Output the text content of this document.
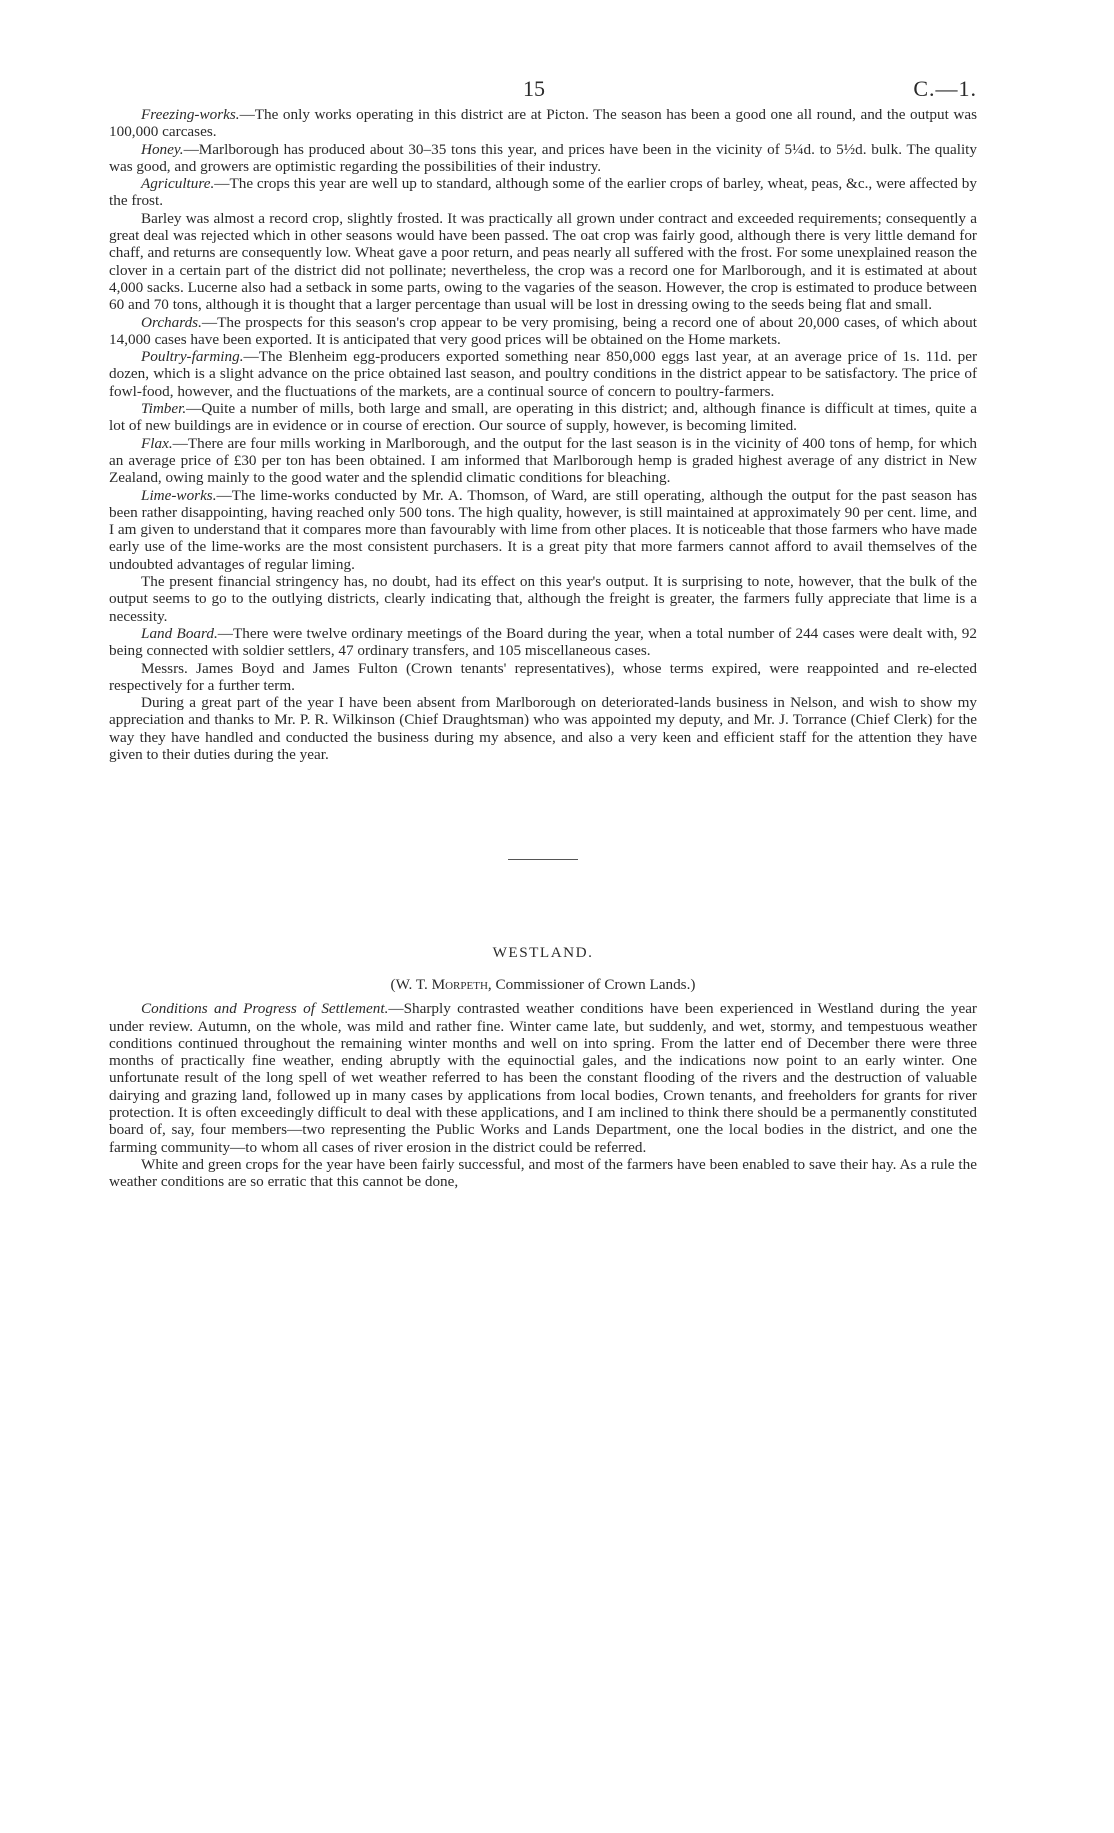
15	C.—1.

Freezing-works.—The only works operating in this district are at Picton. The season has been a good one all round, and the output was 100,000 carcases.

Honey.—Marlborough has produced about 30–35 tons this year, and prices have been in the vicinity of 5¼d. to 5½d. bulk. The quality was good, and growers are optimistic regarding the possibilities of their industry.

Agriculture.—The crops this year are well up to standard, although some of the earlier crops of barley, wheat, peas, &c., were affected by the frost.

Barley was almost a record crop, slightly frosted. It was practically all grown under contract and exceeded requirements; consequently a great deal was rejected which in other seasons would have been passed. The oat crop was fairly good, although there is very little demand for chaff, and returns are consequently low. Wheat gave a poor return, and peas nearly all suffered with the frost. For some unexplained reason the clover in a certain part of the district did not pollinate; nevertheless, the crop was a record one for Marlborough, and it is estimated at about 4,000 sacks. Lucerne also had a setback in some parts, owing to the vagaries of the season. However, the crop is estimated to produce between 60 and 70 tons, although it is thought that a larger percentage than usual will be lost in dressing owing to the seeds being flat and small.

Orchards.—The prospects for this season's crop appear to be very promising, being a record one of about 20,000 cases, of which about 14,000 cases have been exported. It is anticipated that very good prices will be obtained on the Home markets.

Poultry-farming.—The Blenheim egg-producers exported something near 850,000 eggs last year, at an average price of 1s. 11d. per dozen, which is a slight advance on the price obtained last season, and poultry conditions in the district appear to be satisfactory. The price of fowl-food, however, and the fluctuations of the markets, are a continual source of concern to poultry-farmers.

Timber.—Quite a number of mills, both large and small, are operating in this district; and, although finance is difficult at times, quite a lot of new buildings are in evidence or in course of erection. Our source of supply, however, is becoming limited.

Flax.—There are four mills working in Marlborough, and the output for the last season is in the vicinity of 400 tons of hemp, for which an average price of £30 per ton has been obtained. I am informed that Marlborough hemp is graded highest average of any district in New Zealand, owing mainly to the good water and the splendid climatic conditions for bleaching.

Lime-works.—The lime-works conducted by Mr. A. Thomson, of Ward, are still operating, although the output for the past season has been rather disappointing, having reached only 500 tons. The high quality, however, is still maintained at approximately 90 per cent. lime, and I am given to understand that it compares more than favourably with lime from other places. It is noticeable that those farmers who have made early use of the lime-works are the most consistent purchasers. It is a great pity that more farmers cannot afford to avail themselves of the undoubted advantages of regular liming.

The present financial stringency has, no doubt, had its effect on this year's output. It is surprising to note, however, that the bulk of the output seems to go to the outlying districts, clearly indicating that, although the freight is greater, the farmers fully appreciate that lime is a necessity.

Land Board.—There were twelve ordinary meetings of the Board during the year, when a total number of 244 cases were dealt with, 92 being connected with soldier settlers, 47 ordinary transfers, and 105 miscellaneous cases.

Messrs. James Boyd and James Fulton (Crown tenants' representatives), whose terms expired, were reappointed and re-elected respectively for a further term.

During a great part of the year I have been absent from Marlborough on deteriorated-lands business in Nelson, and wish to show my appreciation and thanks to Mr. P. R. Wilkinson (Chief Draughtsman) who was appointed my deputy, and Mr. J. Torrance (Chief Clerk) for the way they have handled and conducted the business during my absence, and also a very keen and efficient staff for the attention they have given to their duties during the year.

WESTLAND.
(W. T. Morpeth, Commissioner of Crown Lands.)

Conditions and Progress of Settlement.—Sharply contrasted weather conditions have been experienced in Westland during the year under review. Autumn, on the whole, was mild and rather fine. Winter came late, but suddenly, and wet, stormy, and tempestuous weather conditions continued throughout the remaining winter months and well on into spring. From the latter end of December there were three months of practically fine weather, ending abruptly with the equinoctial gales, and the indications now point to an early winter. One unfortunate result of the long spell of wet weather referred to has been the constant flooding of the rivers and the destruction of valuable dairying and grazing land, followed up in many cases by applications from local bodies, Crown tenants, and freeholders for grants for river protection. It is often exceedingly difficult to deal with these applications, and I am inclined to think there should be a permanently constituted board of, say, four members—two representing the Public Works and Lands Department, one the local bodies in the district, and one the farming community—to whom all cases of river erosion in the district could be referred.

White and green crops for the year have been fairly successful, and most of the farmers have been enabled to save their hay. As a rule the weather conditions are so erratic that this cannot be done,
